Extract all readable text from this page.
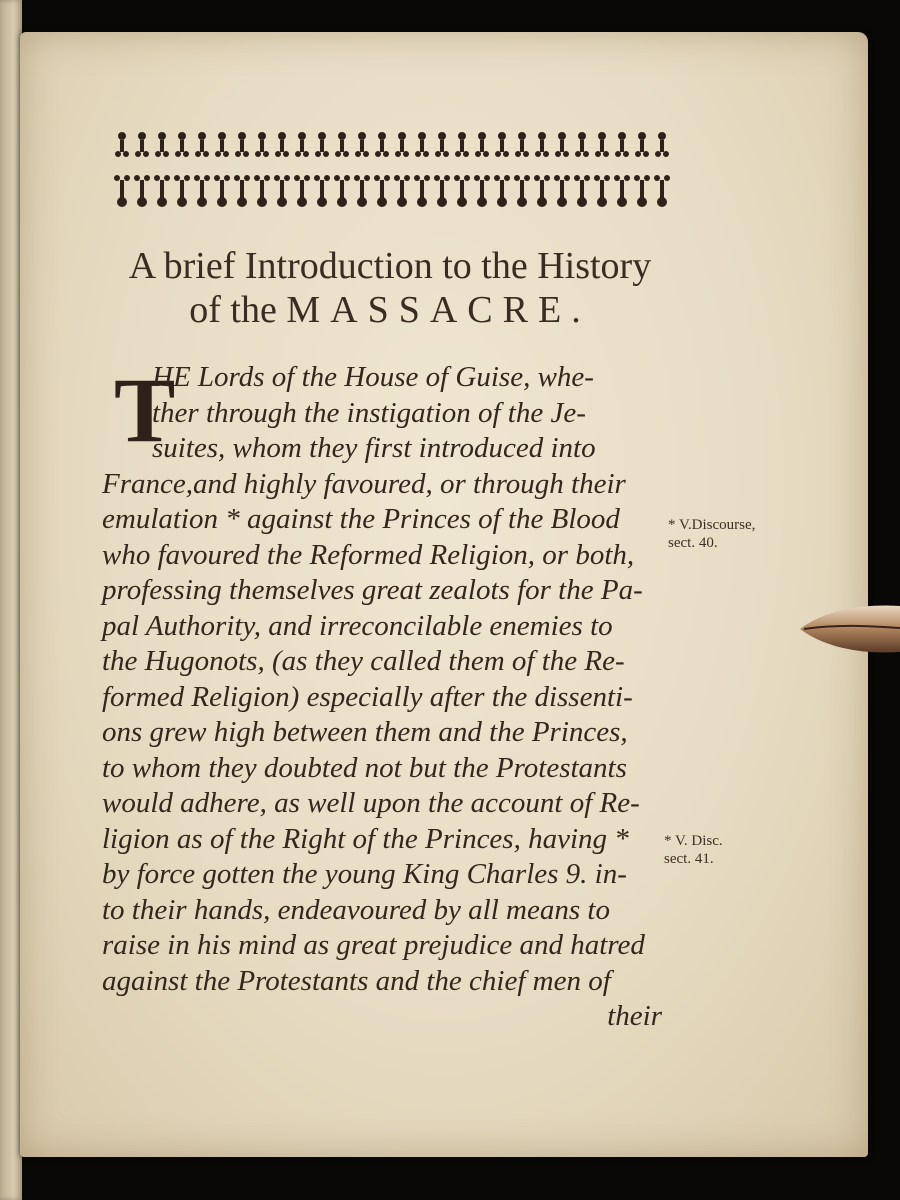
A brief Introduction to the History
of the MASSACRE.
T
HE Lords of the House of Guise, whe-
ther through the instigation of the Je-
suites, whom they first introduced into
France,and highly favoured, or through their
emulation * against the Princes of the Blood
who favoured the Reformed Religion, or both,
professing themselves great zealots for the Pa-
pal Authority, and irreconcilable enemies to
the Hugonots, (as they called them of the Re-
formed Religion) especially after the dissenti-
ons grew high between them and the Princes,
to whom they doubted not but the Protestants
would adhere, as well upon the account of Re-
ligion as of the Right of the Princes, having *
by force gotten the young King Charles 9. in-
to their hands, endeavoured by all means to
raise in his mind as great prejudice and hatred
against the Protestants and the chief men of
their
* V.Discourse,
sect. 40.
* V. Disc.
sect. 41.
